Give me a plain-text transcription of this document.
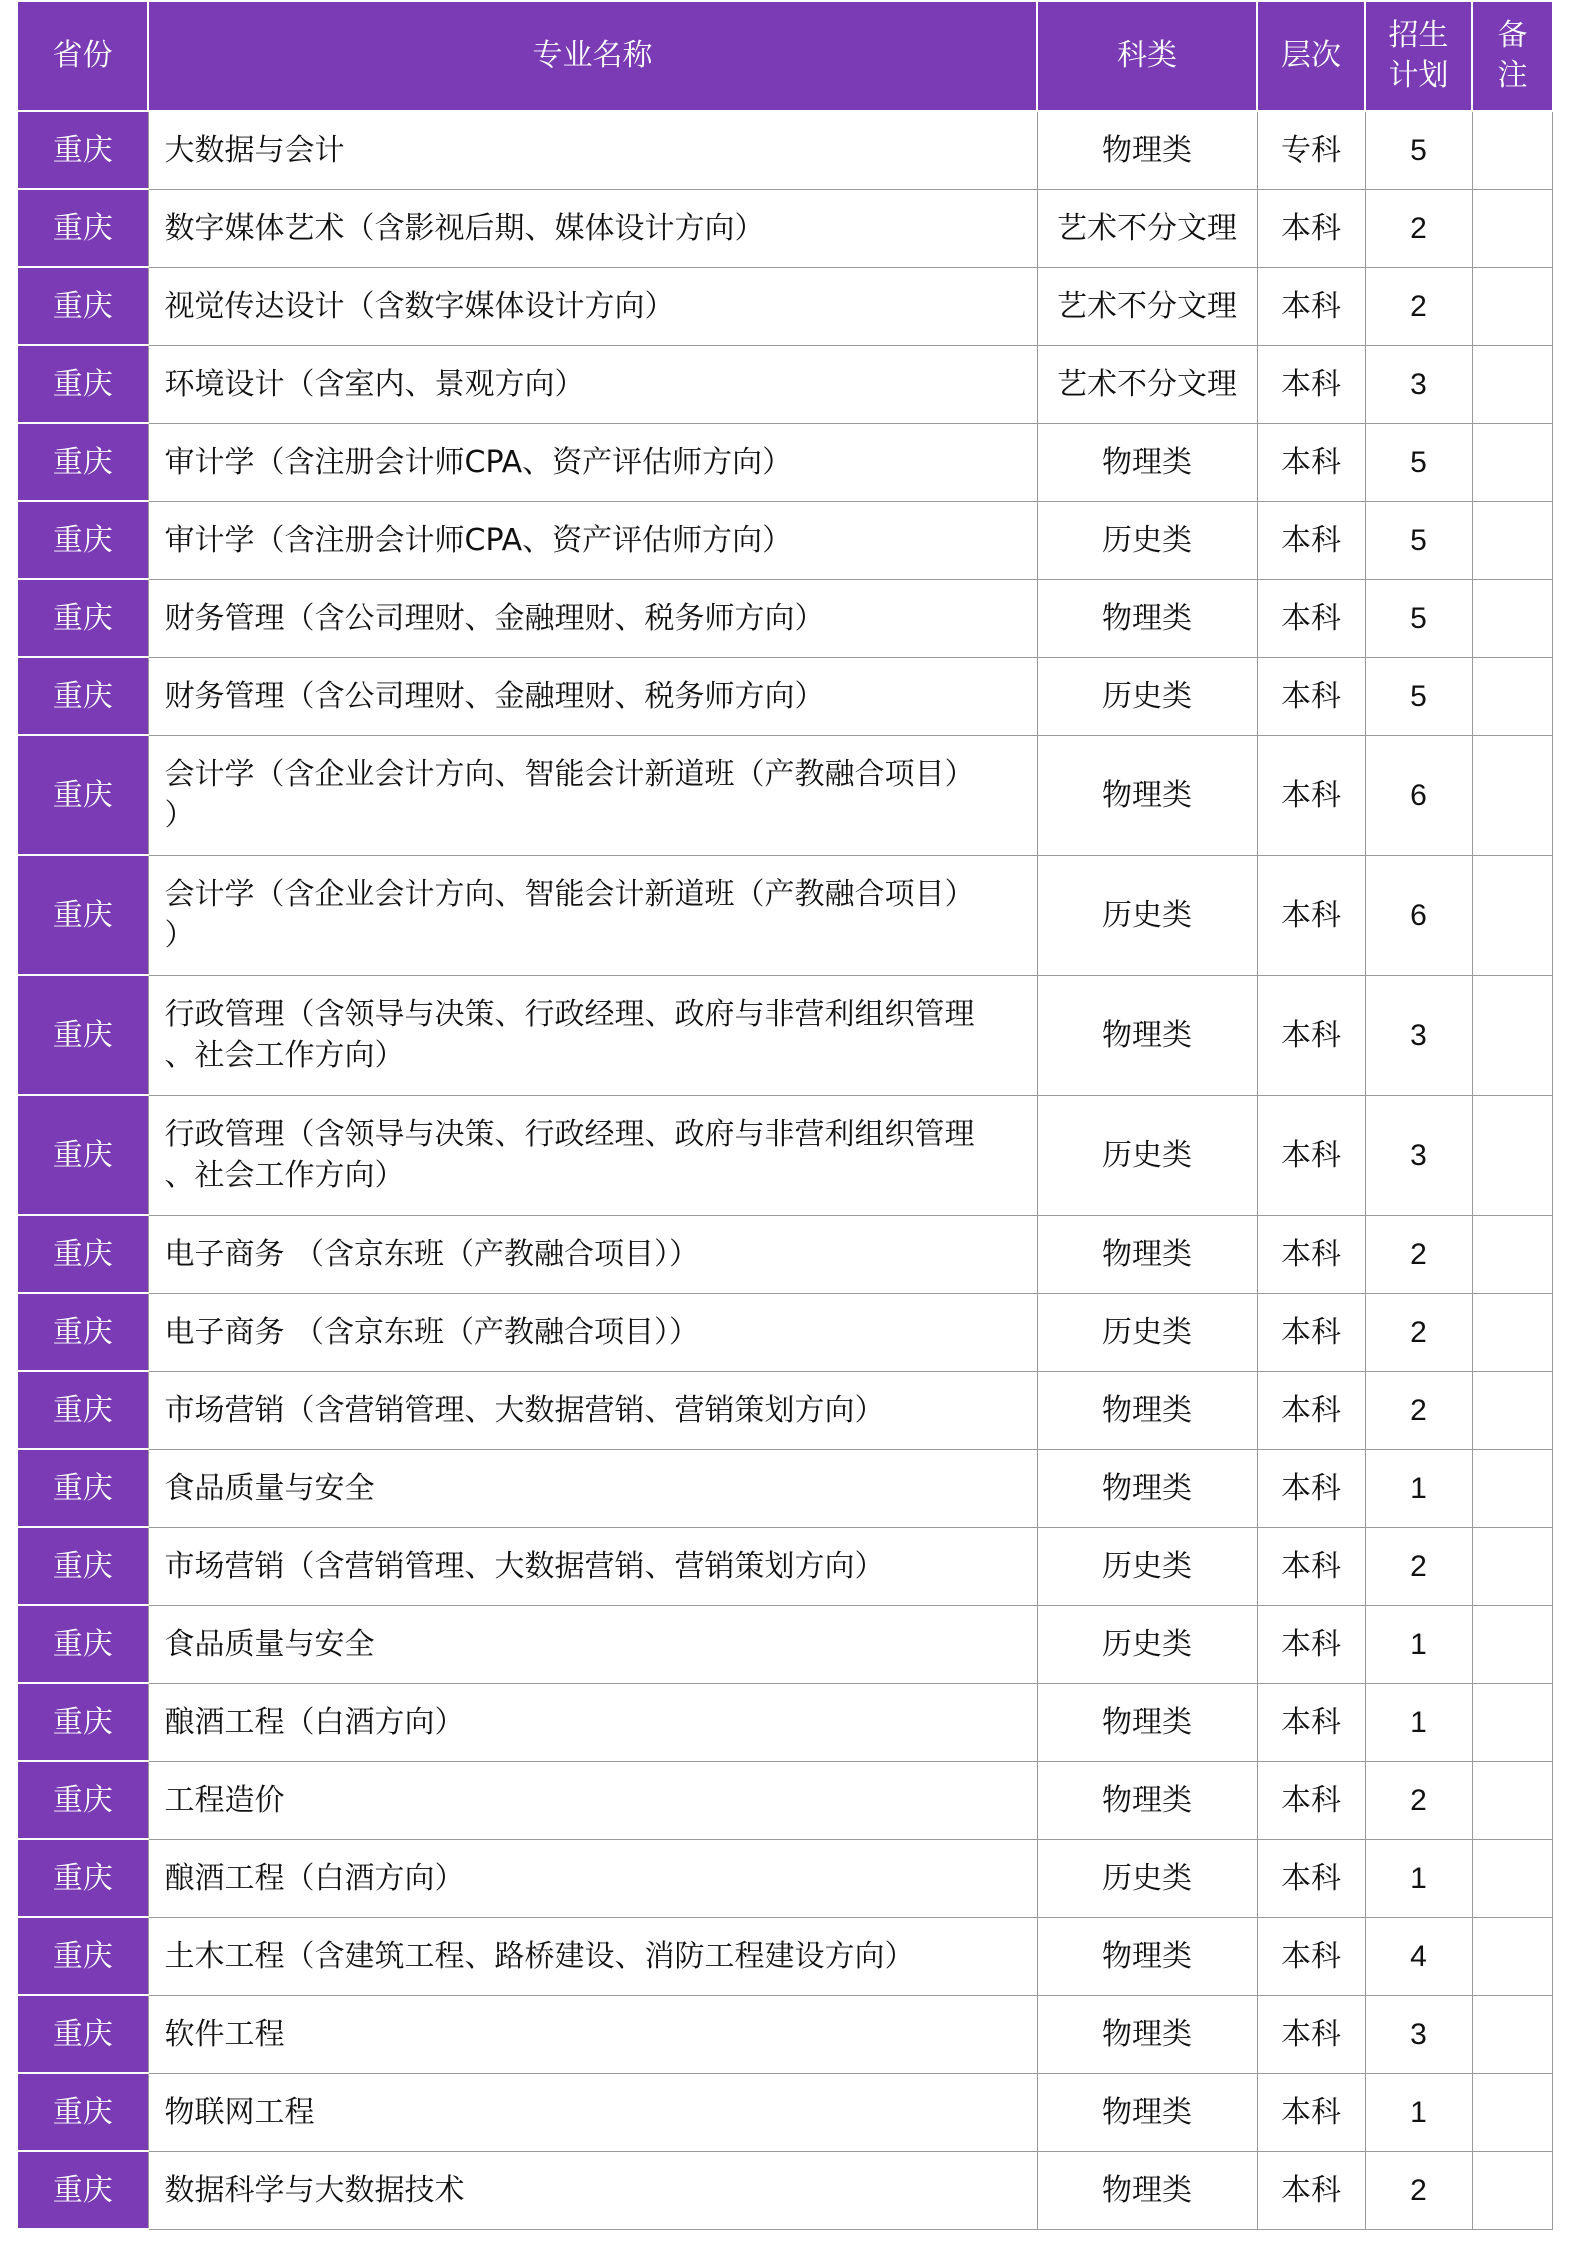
省份	专业名称	科类	层次	招生
计划	备
注
重庆	大数据与会计	物理类	专科	5	
重庆	数字媒体艺术（含影视后期、媒体设计方向）	艺术不分文理	本科	2	
重庆	视觉传达设计（含数字媒体设计方向）	艺术不分文理	本科	2	
重庆	环境设计（含室内、景观方向）	艺术不分文理	本科	3	
重庆	审计学（含注册会计师CPA、资产评估师方向）	物理类	本科	5	
重庆	审计学（含注册会计师CPA、资产评估师方向）	历史类	本科	5	
重庆	财务管理（含公司理财、金融理财、税务师方向）	物理类	本科	5	
重庆	财务管理（含公司理财、金融理财、税务师方向）	历史类	本科	5	
重庆	会计学（含企业会计方向、智能会计新道班（产教融合项目）
）	物理类	本科	6	
重庆	会计学（含企业会计方向、智能会计新道班（产教融合项目）
）	历史类	本科	6	
重庆	行政管理（含领导与决策、行政经理、政府与非营利组织管理
、社会工作方向）	物理类	本科	3	
重庆	行政管理（含领导与决策、行政经理、政府与非营利组织管理
、社会工作方向）	历史类	本科	3	
重庆	电子商务 （含京东班（产教融合项目））	物理类	本科	2	
重庆	电子商务 （含京东班（产教融合项目））	历史类	本科	2	
重庆	市场营销（含营销管理、大数据营销、营销策划方向）	物理类	本科	2	
重庆	食品质量与安全	物理类	本科	1	
重庆	市场营销（含营销管理、大数据营销、营销策划方向）	历史类	本科	2	
重庆	食品质量与安全	历史类	本科	1	
重庆	酿酒工程（白酒方向）	物理类	本科	1	
重庆	工程造价	物理类	本科	2	
重庆	酿酒工程（白酒方向）	历史类	本科	1	
重庆	土木工程（含建筑工程、路桥建设、消防工程建设方向）	物理类	本科	4	
重庆	软件工程	物理类	本科	3	
重庆	物联网工程	物理类	本科	1	
重庆	数据科学与大数据技术	物理类	本科	2	
